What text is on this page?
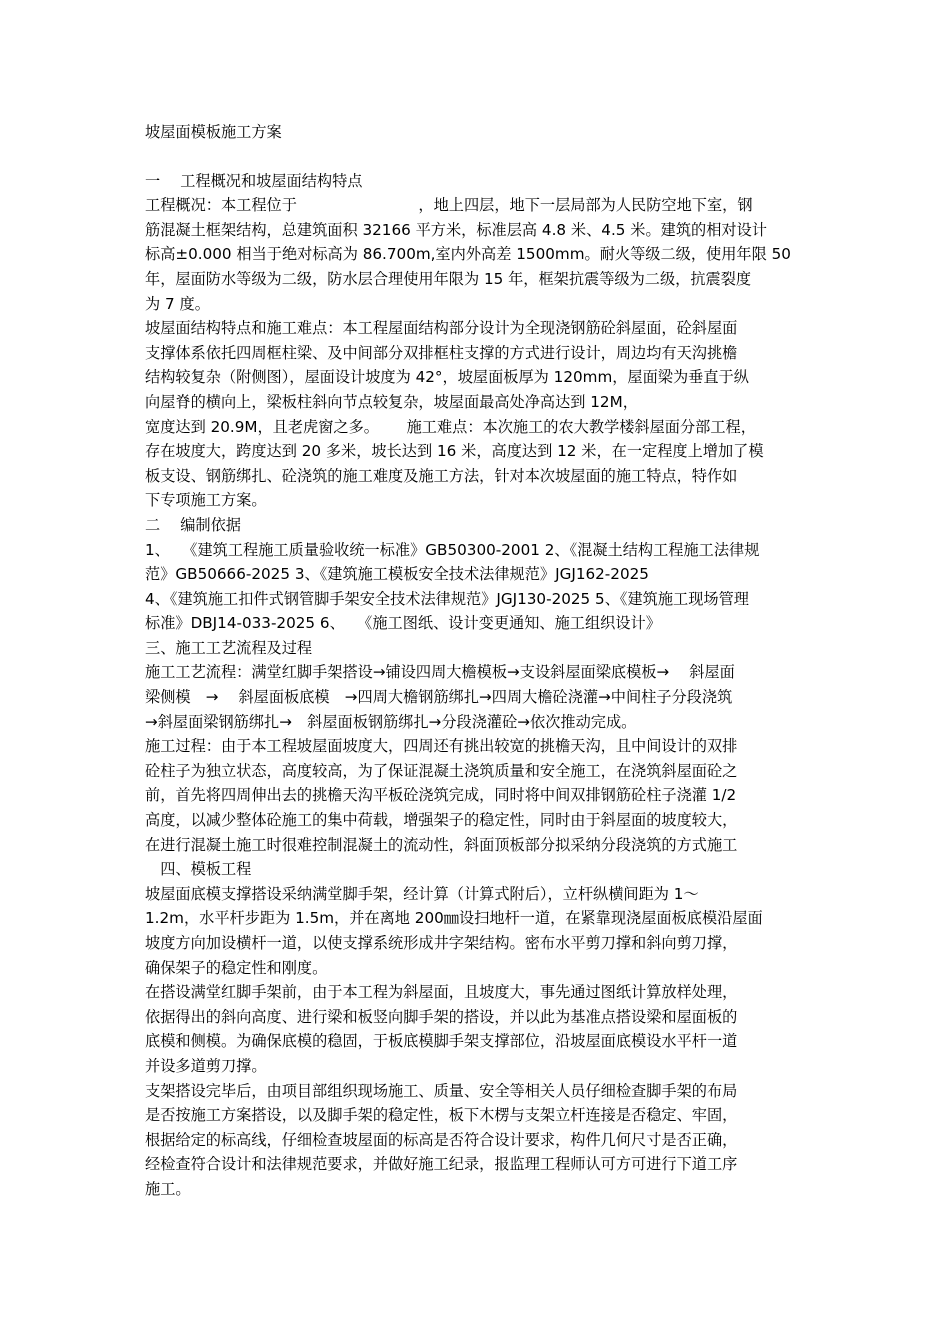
坡屋面模板施工方案
一　 工程概况和坡屋面结构特点
工程概况：本工程位于　　　　　　　　，地上四层，地下一层局部为人民防空地下室，钢
筋混凝土框架结构，总建筑面积 32166 平方米，标准层高 4.8 米、4.5 米。建筑的相对设计
标高±0.000 相当于绝对标高为 86.700m,室内外高差 1500mm。耐火等级二级，使用年限 50
年，屋面防水等级为二级，防水层合理使用年限为 15 年，框架抗震等级为二级，抗震裂度
为 7 度。
坡屋面结构特点和施工难点：本工程屋面结构部分设计为全现浇钢筋砼斜屋面，砼斜屋面
支撑体系依托四周框柱梁、及中间部分双排框柱支撑的方式进行设计，周边均有天沟挑檐
结构较复杂（附侧图），屋面设计坡度为 42°，坡屋面板厚为 120mm，屋面梁为垂直于纵
向屋脊的横向上，梁板柱斜向节点较复杂，坡屋面最高处净高达到 12M，
宽度达到 20.9M，且老虎窗之多。　　 施工难点：本次施工的农大教学楼斜屋面分部工程，
存在坡度大，跨度达到 20 多米，坡长达到 16 米，高度达到 12 米，在一定程度上增加了模
板支设、钢筋绑扎、砼浇筑的施工难度及施工方法，针对本次坡屋面的施工特点，特作如
下专项施工方案。
二　 编制依据
1、　 《建筑工程施工质量验收统一标准》GB50300-2001 2、《混凝土结构工程施工法律规
范》GB50666-2025 3、《建筑施工模板安全技术法律规范》JGJ162-2025
4、《建筑施工扣件式钢管脚手架安全技术法律规范》JGJ130-2025 5、《建筑施工现场管理
标准》DBJ14-033-2025 6、　 《施工图纸、设计变更通知、施工组织设计》
三、施工工艺流程及过程
施工工艺流程：满堂红脚手架搭设→铺设四周大檐模板→支设斜屋面梁底模板→　 斜屋面
梁侧模　→　 斜屋面板底模　→四周大檐钢筋绑扎→四周大檐砼浇灌→中间柱子分段浇筑
→斜屋面梁钢筋绑扎→　斜屋面板钢筋绑扎→分段浇灌砼→依次推动完成。
施工过程：由于本工程坡屋面坡度大，四周还有挑出较宽的挑檐天沟，且中间设计的双排
砼柱子为独立状态，高度较高，为了保证混凝土浇筑质量和安全施工，在浇筑斜屋面砼之
前，首先将四周伸出去的挑檐天沟平板砼浇筑完成，同时将中间双排钢筋砼柱子浇灌 1/2
高度，以减少整体砼施工的集中荷载，增强架子的稳定性，同时由于斜屋面的坡度较大，
在进行混凝土施工时很难控制混凝土的流动性，斜面顶板部分拟采纳分段浇筑的方式施工
　四、模板工程
坡屋面底模支撑搭设采纳满堂脚手架，经计算（计算式附后），立杆纵横间距为 1～
1.2m，水平杆步距为 1.5m，并在离地 200㎜设扫地杆一道，在紧靠现浇屋面板底模沿屋面
坡度方向加设横杆一道，以使支撑系统形成井字架结构。密布水平剪刀撑和斜向剪刀撑，
确保架子的稳定性和刚度。
在搭设满堂红脚手架前，由于本工程为斜屋面，且坡度大，事先通过图纸计算放样处理，
依据得出的斜向高度、进行梁和板竖向脚手架的搭设，并以此为基准点搭设梁和屋面板的
底模和侧模。为确保底模的稳固，于板底模脚手架支撑部位，沿坡屋面底模设水平杆一道
并设多道剪刀撑。
支架搭设完毕后，由项目部组织现场施工、质量、安全等相关人员仔细检查脚手架的布局
是否按施工方案搭设，以及脚手架的稳定性，板下木楞与支架立杆连接是否稳定、牢固，
根据给定的标高线，仔细检查坡屋面的标高是否符合设计要求，构件几何尺寸是否正确，
经检查符合设计和法律规范要求，并做好施工纪录，报监理工程师认可方可进行下道工序
施工。
